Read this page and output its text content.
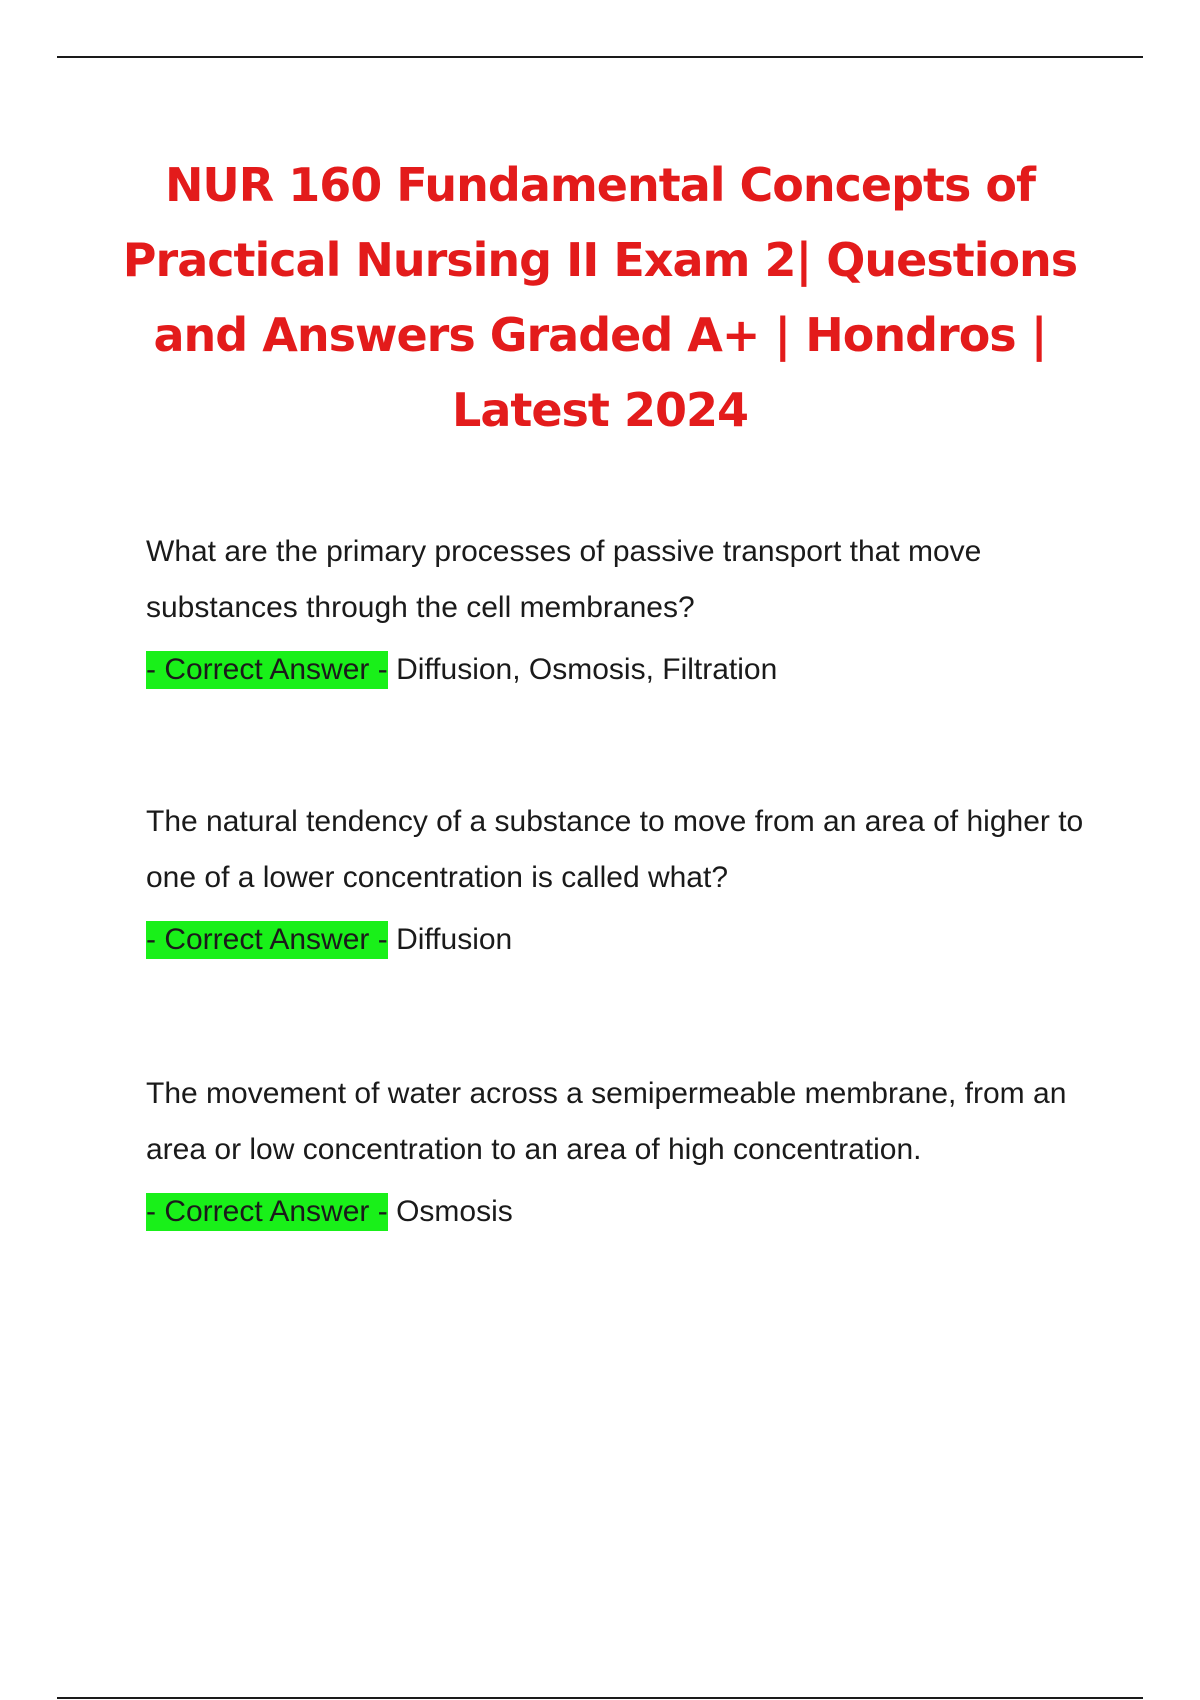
NUR 160 Fundamental Concepts of Practical Nursing II Exam 2| Questions and Answers Graded A+ | Hondros | Latest 2024

What are the primary processes of passive transport that move substances through the cell membranes?

- Correct Answer - Diffusion, Osmosis, Filtration

The natural tendency of a substance to move from an area of higher to one of a lower concentration is called what?

- Correct Answer - Diffusion

The movement of water across a semipermeable membrane, from an area or low concentration to an area of high concentration.

- Correct Answer - Osmosis
